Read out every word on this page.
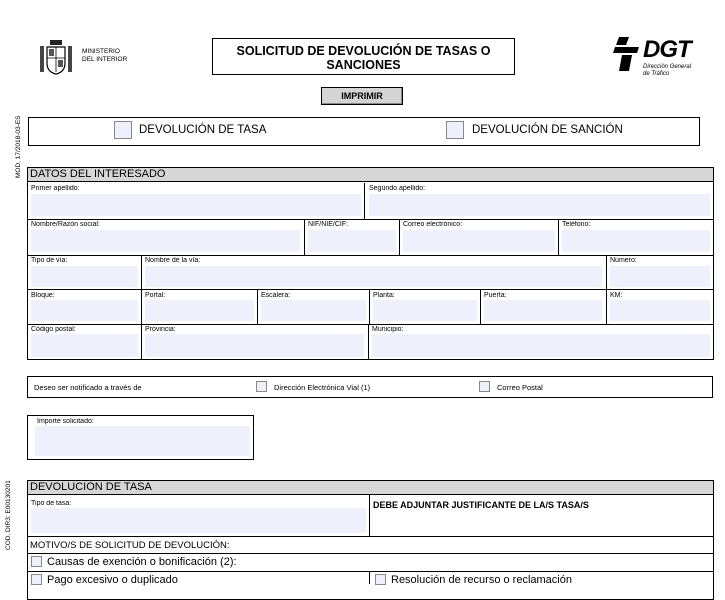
MOD. 17/2018-03-ES
COD. DIR3: E00130201
MINISTERIO
DEL INTERIOR
SOLICITUD DE DEVOLUCIÓN DE TASAS O
SANCIONES
IMPRIMIR
DGT
Dirección General
de Tráfico
DEVOLUCIÓN DE TASA	DEVOLUCIÓN DE SANCIÓN
DATOS DEL INTERESADO
Primer apellido:	Segundo apellido:
Nombre/Razón social:	NIF/NIE/CIF:	Correo electrónico:	Teléfono:
Tipo de vía:	Nombre de la vía:	Número:
Bloque:	Portal:	Escalera:	Planta:	Puerta:	KM:
Código postal:	Provincia:	Municipio:
Deseo ser notificado a través de	Dirección Electrónica Vial (1)	Correo Postal
Importe solicitado:
DEVOLUCIÓN DE TASA
Tipo de tasa:	DEBE ADJUNTAR JUSTIFICANTE DE LA/S TASA/S
MOTIVO/S DE SOLICITUD DE DEVOLUCIÓN:
Causas de exención o bonificación (2):
Pago excesivo o duplicado	Resolución de recurso o reclamación
